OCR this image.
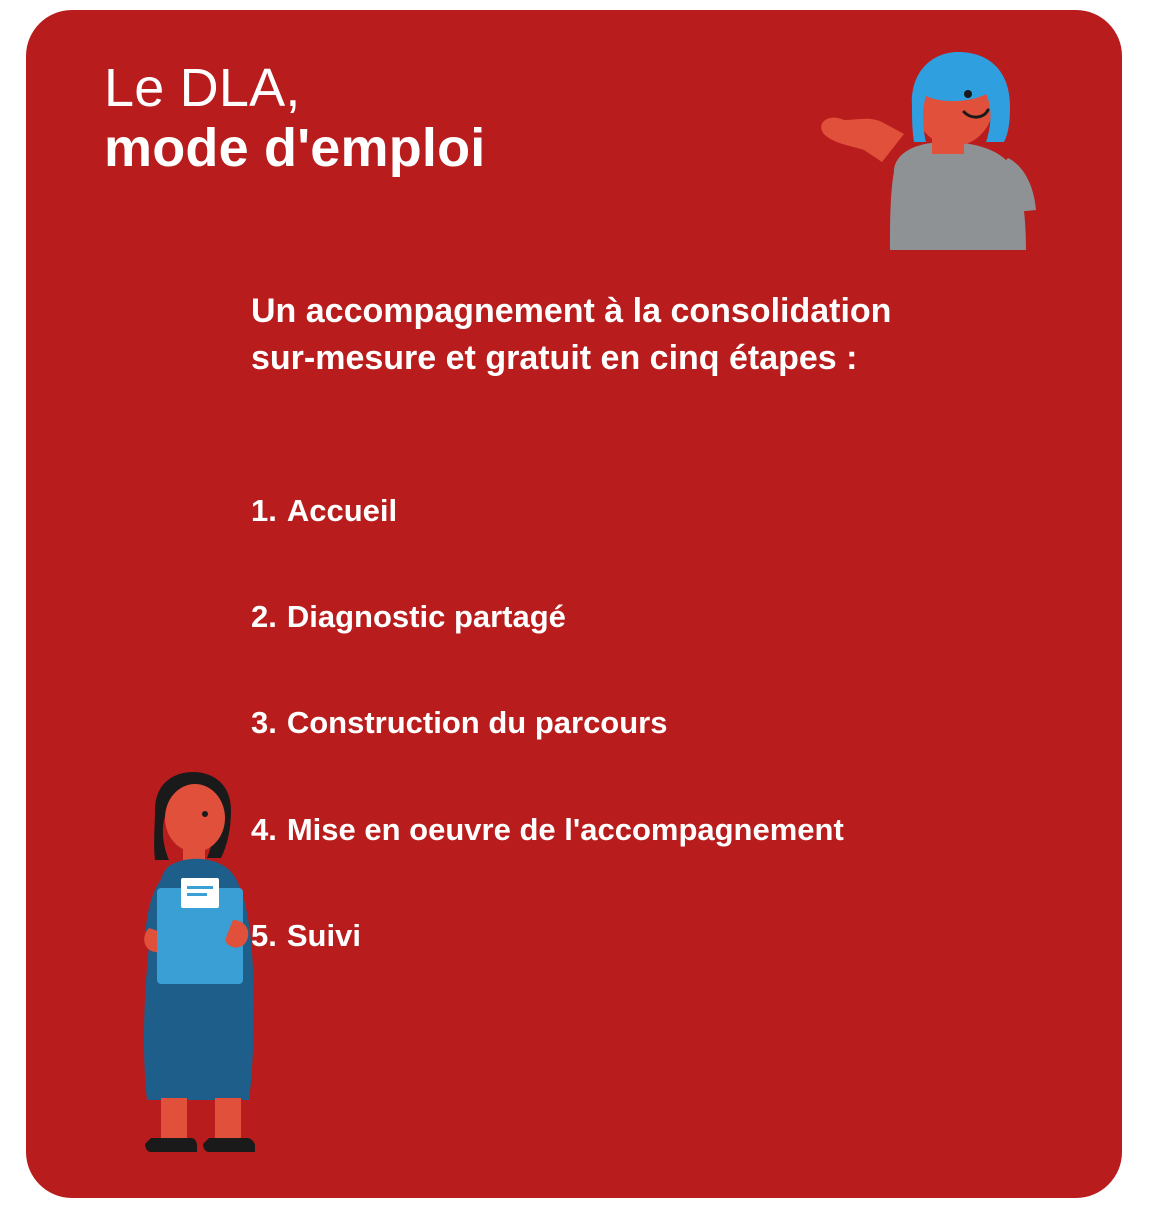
Le DLA,
mode d'emploi
Un accompagnement à la consolidation
sur-mesure et gratuit en cinq étapes :
1. Accueil
2. Diagnostic partagé
3. Construction du parcours
4. Mise en oeuvre de l'accompagnement
5. Suivi
